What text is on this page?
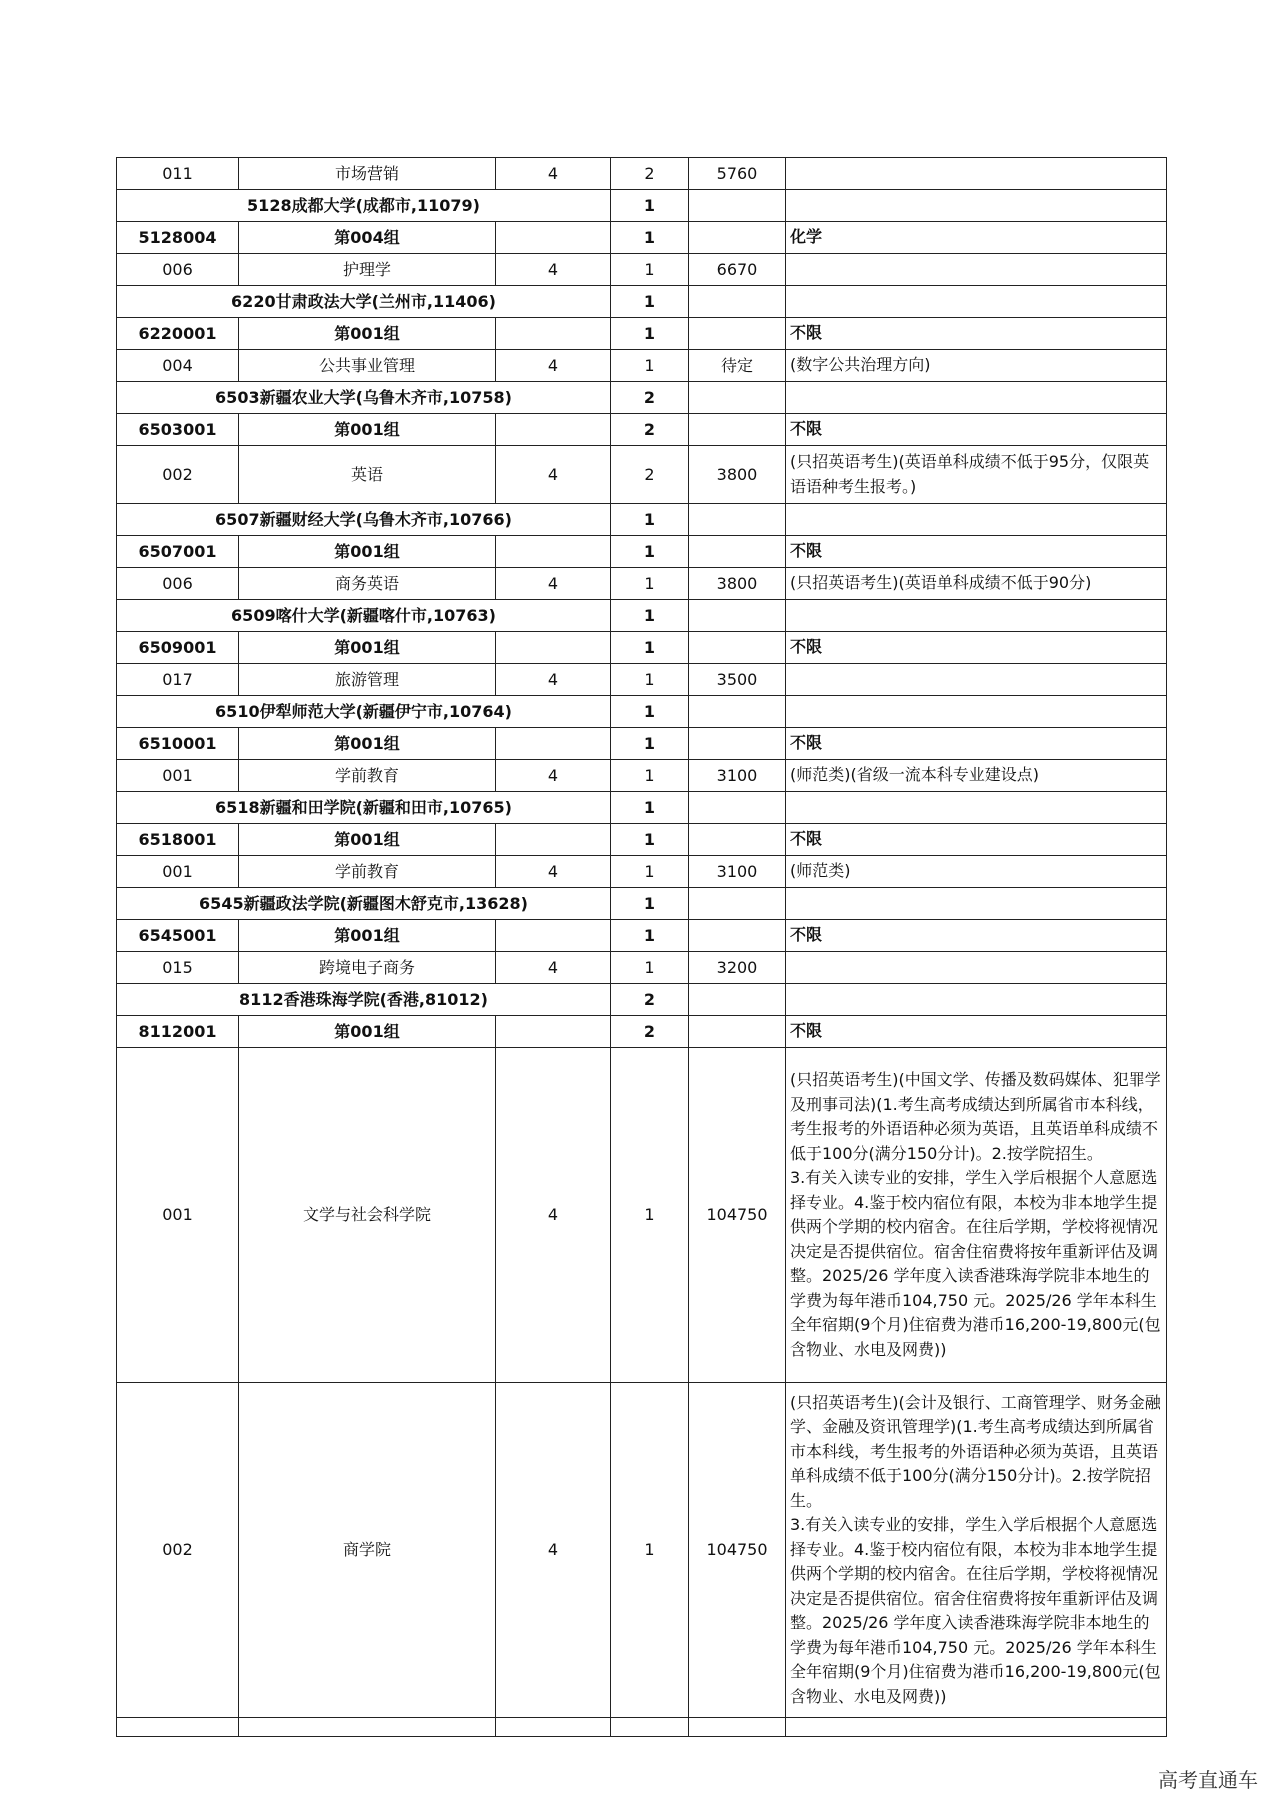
011	市场营销	4	2	5760	
5128成都大学(成都市,11079)			1		
5128004	第004组		1		化学
006	护理学	4	1	6670	
6220甘肃政法大学(兰州市,11406)			1		
6220001	第001组		1		不限
004	公共事业管理	4	1	待定	(数字公共治理方向)
6503新疆农业大学(乌鲁木齐市,10758)			2		
6503001	第001组		2		不限
002	英语	4	2	3800	(只招英语考生)(英语单科成绩不低于95分，仅限英语语种考生报考。)
6507新疆财经大学(乌鲁木齐市,10766)			1		
6507001	第001组		1		不限
006	商务英语	4	1	3800	(只招英语考生)(英语单科成绩不低于90分)
6509喀什大学(新疆喀什市,10763)			1		
6509001	第001组		1		不限
017	旅游管理	4	1	3500	
6510伊犁师范大学(新疆伊宁市,10764)			1		
6510001	第001组		1		不限
001	学前教育	4	1	3100	(师范类)(省级一流本科专业建设点)
6518新疆和田学院(新疆和田市,10765)			1		
6518001	第001组		1		不限
001	学前教育	4	1	3100	(师范类)
6545新疆政法学院(新疆图木舒克市,13628)			1		
6545001	第001组		1		不限
015	跨境电子商务	4	1	3200	
8112香港珠海学院(香港,81012)			2		
8112001	第001组		2		不限
001	文学与社会科学院	4	1	104750	(只招英语考生)(中国文学、传播及数码媒体、犯罪学及刑事司法)(1.考生高考成绩达到所属省市本科线，考生报考的外语语种必须为英语，且英语单科成绩不低于100分(满分150分计)。2.按学院招生。
3.有关入读专业的安排，学生入学后根据个人意愿选择专业。4.鉴于校内宿位有限，本校为非本地学生提供两个学期的校内宿舍。在往后学期，学校将视情况决定是否提供宿位。宿舍住宿费将按年重新评估及调整。2025/26 学年度入读香港珠海学院非本地生的学费为每年港币104,750 元。2025/26 学年本科生全年宿期(9个月)住宿费为港币16,200-19,800元(包含物业、水电及网费))
002	商学院	4	1	104750	(只招英语考生)(会计及银行、工商管理学、财务金融学、金融及资讯管理学)(1.考生高考成绩达到所属省市本科线，考生报考的外语语种必须为英语，且英语单科成绩不低于100分(满分150分计)。2.按学院招生。
3.有关入读专业的安排，学生入学后根据个人意愿选择专业。4.鉴于校内宿位有限，本校为非本地学生提供两个学期的校内宿舍。在往后学期，学校将视情况决定是否提供宿位。宿舍住宿费将按年重新评估及调整。2025/26 学年度入读香港珠海学院非本地生的学费为每年港币104,750 元。2025/26 学年本科生全年宿期(9个月)住宿费为港币16,200-19,800元(包含物业、水电及网费))

高考直通车
